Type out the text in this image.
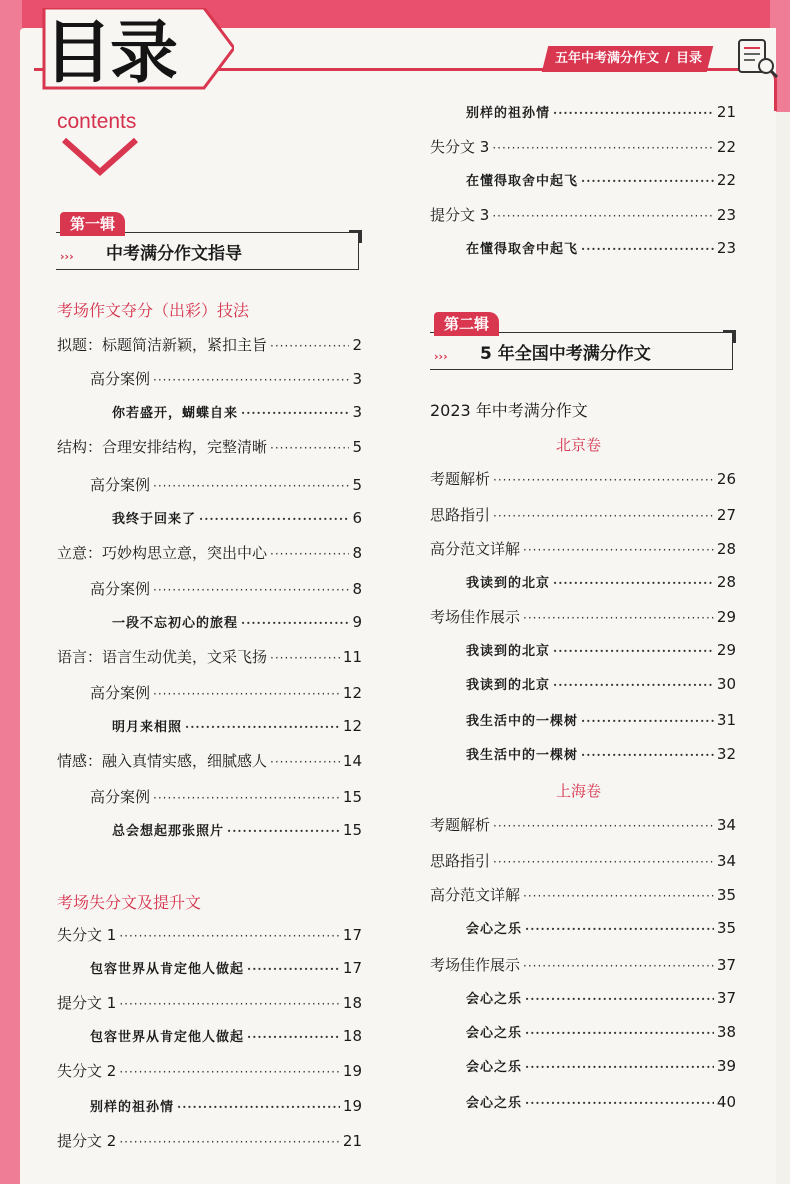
目录
contents
五年中考满分作文 / 目录
第一辑
››› 中考满分作文指导
考场作文夺分（出彩）技法
拟题：标题简洁新颖，紧扣主旨 ·····	2
高分案例 ·····	3
你若盛开，蝴蝶自来 ·····	3
结构：合理安排结构，完整清晰 ·····	5
高分案例 ·····	5
我终于回来了 ·····	6
立意：巧妙构思立意，突出中心 ·····	8
高分案例 ·····	8
一段不忘初心的旅程 ·····	9
语言：语言生动优美，文采飞扬 ·····	11
高分案例 ·····	12
明月来相照 ·····	12
情感：融入真情实感，细腻感人 ·····	14
高分案例 ·····	15
总会想起那张照片 ·····	15
失分文 1 ·····	17
包容世界从肯定他人做起 ·····	17
提分文 1 ·····	18
包容世界从肯定他人做起 ·····	18
失分文 2 ·····	19
别样的祖孙情 ·····	19
提分文 2 ·····	21
考场失分文及提升文
第二辑
››› 5 年全国中考满分作文
2023 年中考满分作文
北京卷
上海卷
别样的祖孙情 ·····	21
失分文 3 ·····	22
在懂得取舍中起飞 ·····	22
提分文 3 ·····	23
在懂得取舍中起飞 ·····	23
考题解析 ·····	26
思路指引 ·····	27
高分范文详解 ·····	28
我读到的北京 ·····	28
考场佳作展示 ·····	29
我读到的北京 ·····	29
我读到的北京 ·····	30
我生活中的一棵树 ·····	31
我生活中的一棵树 ·····	32
考题解析 ·····	34
思路指引 ·····	34
高分范文详解 ·····	35
会心之乐 ·····	35
考场佳作展示 ·····	37
会心之乐 ·····	37
会心之乐 ·····	38
会心之乐 ·····	39
会心之乐 ·····	40
